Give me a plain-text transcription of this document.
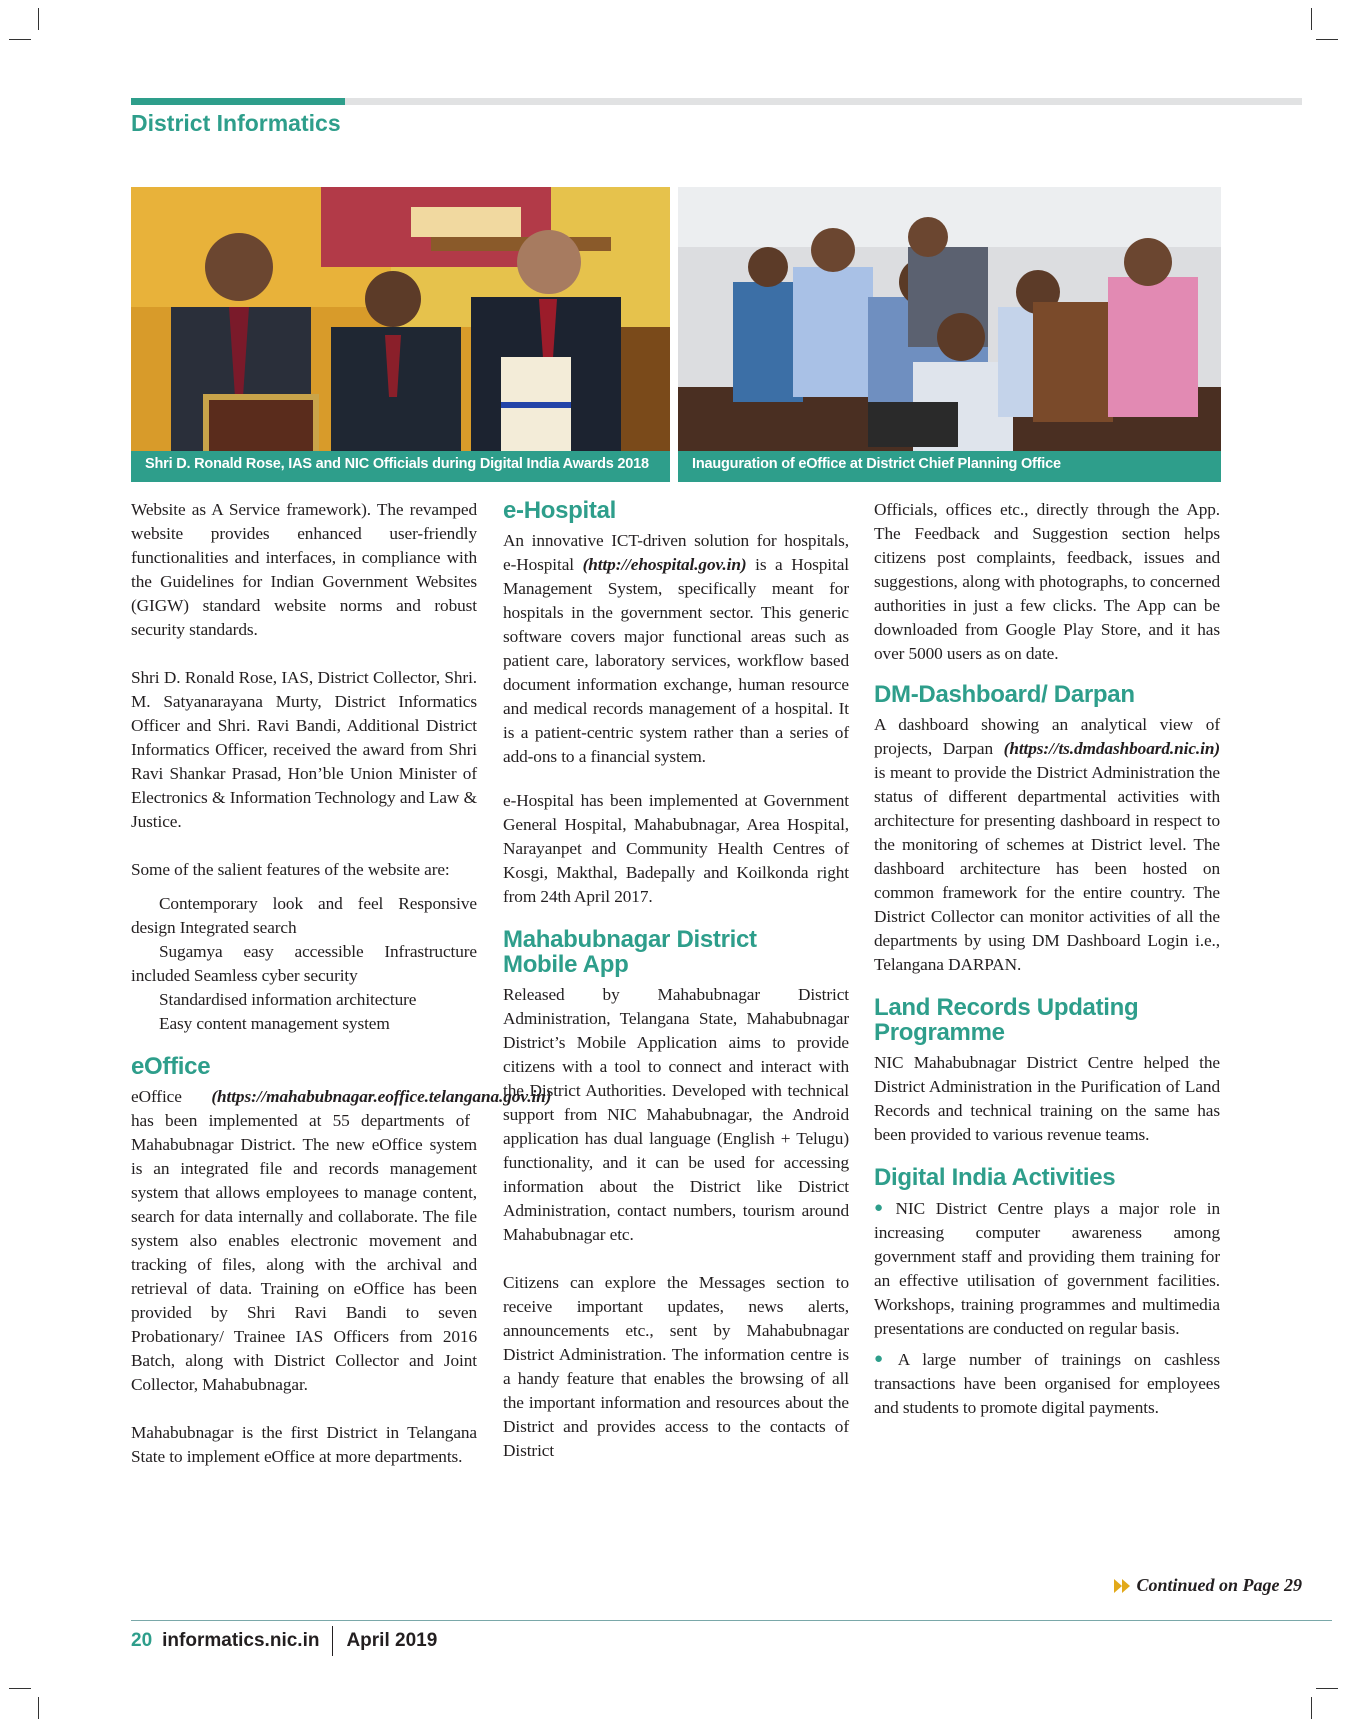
District Informatics
Shri D. Ronald Rose, IAS and NIC Officials during Digital India Awards 2018	Inauguration of eOffice at District Chief Planning Office

Website as A Service framework). The revamped website provides enhanced user-friendly functionalities and interfaces, in compliance with the Guidelines for Indian Government Websites (GIGW) standard website norms and robust security standards.

Shri D. Ronald Rose, IAS, District Collector, Shri. M. Satyanarayana Murty, District Informatics Officer and Shri. Ravi Bandi, Additional District Informatics Officer, received the award from Shri Ravi Shankar Prasad, Hon’ble Union Minister of Electronics & Information Technology and Law & Justice.

Some of the salient features of the website are:

Contemporary look and feel Responsive design Integrated search

Sugamya easy accessible Infrastructure included Seamless cyber security

Standardised information architecture

Easy content management system

eOffice

eOffice (https://mahabubnagar.eoffice.telangana.gov.in) has been implemented at 55 departments of Mahabubnagar District. The new eOffice system is an integrated file and records management system that allows employees to manage content, search for data internally and collaborate. The file system also enables electronic movement and tracking of files, along with the archival and retrieval of data. Training on eOffice has been provided by Shri Ravi Bandi to seven Probationary/ Trainee IAS Officers from 2016 Batch, along with District Collector and Joint Collector, Mahabubnagar.

Mahabubnagar is the first District in Telangana State to implement eOffice at more departments.

e-Hospital

An innovative ICT-driven solution for hospitals, e-Hospital (http://ehospital.gov.in) is a Hospital Management System, specifically meant for hospitals in the government sector. This generic software covers major functional areas such as patient care, laboratory services, workflow based document information exchange, human resource and medical records management of a hospital. It is a patient-centric system rather than a series of add-ons to a financial system.

e-Hospital has been implemented at Government General Hospital, Mahabubnagar, Area Hospital, Narayanpet and Community Health Centres of Kosgi, Makthal, Badepally and Koilkonda right from 24th April 2017.

Mahabubnagar District
Mobile App

Released by Mahabubnagar District Administration, Telangana State, Mahabubnagar District’s Mobile Application aims to provide citizens with a tool to connect and interact with the District Authorities. Developed with technical support from NIC Mahabubnagar, the Android application has dual language (English + Telugu) functionality, and it can be used for accessing information about the District like District Administration, contact numbers, tourism around Mahabubnagar etc.

Citizens can explore the Messages section to receive important updates, news alerts, announcements etc., sent by Mahabubnagar District Administration. The information centre is a handy feature that enables the browsing of all the important information and resources about the District and provides access to the contacts of District

Officials, offices etc., directly through the App. The Feedback and Suggestion section helps citizens post complaints, feedback, issues and suggestions, along with photographs, to concerned authorities in just a few clicks. The App can be downloaded from Google Play Store, and it has over 5000 users as on date.

DM-Dashboard/ Darpan

A dashboard showing an analytical view of projects, Darpan (https://ts.dmdashboard.nic.in) is meant to provide the District Administration the status of different departmental activities with architecture for presenting dashboard in respect to the monitoring of schemes at District level. The dashboard architecture has been hosted on common framework for the entire country. The District Collector can monitor activities of all the departments by using DM Dashboard Login i.e., Telangana DARPAN.

Land Records Updating
Programme

NIC Mahabubnagar District Centre helped the District Administration in the Purification of Land Records and technical training on the same has been provided to various revenue teams.

Digital India Activities

● NIC District Centre plays a major role in increasing computer awareness among government staff and providing them training for an effective utilisation of government facilities. Workshops, training programmes and multimedia presentations are conducted on regular basis.

● A large number of trainings on cashless transactions have been organised for employees and students to promote digital payments.

Continued on Page 29
20 informatics.nic.in April 2019
